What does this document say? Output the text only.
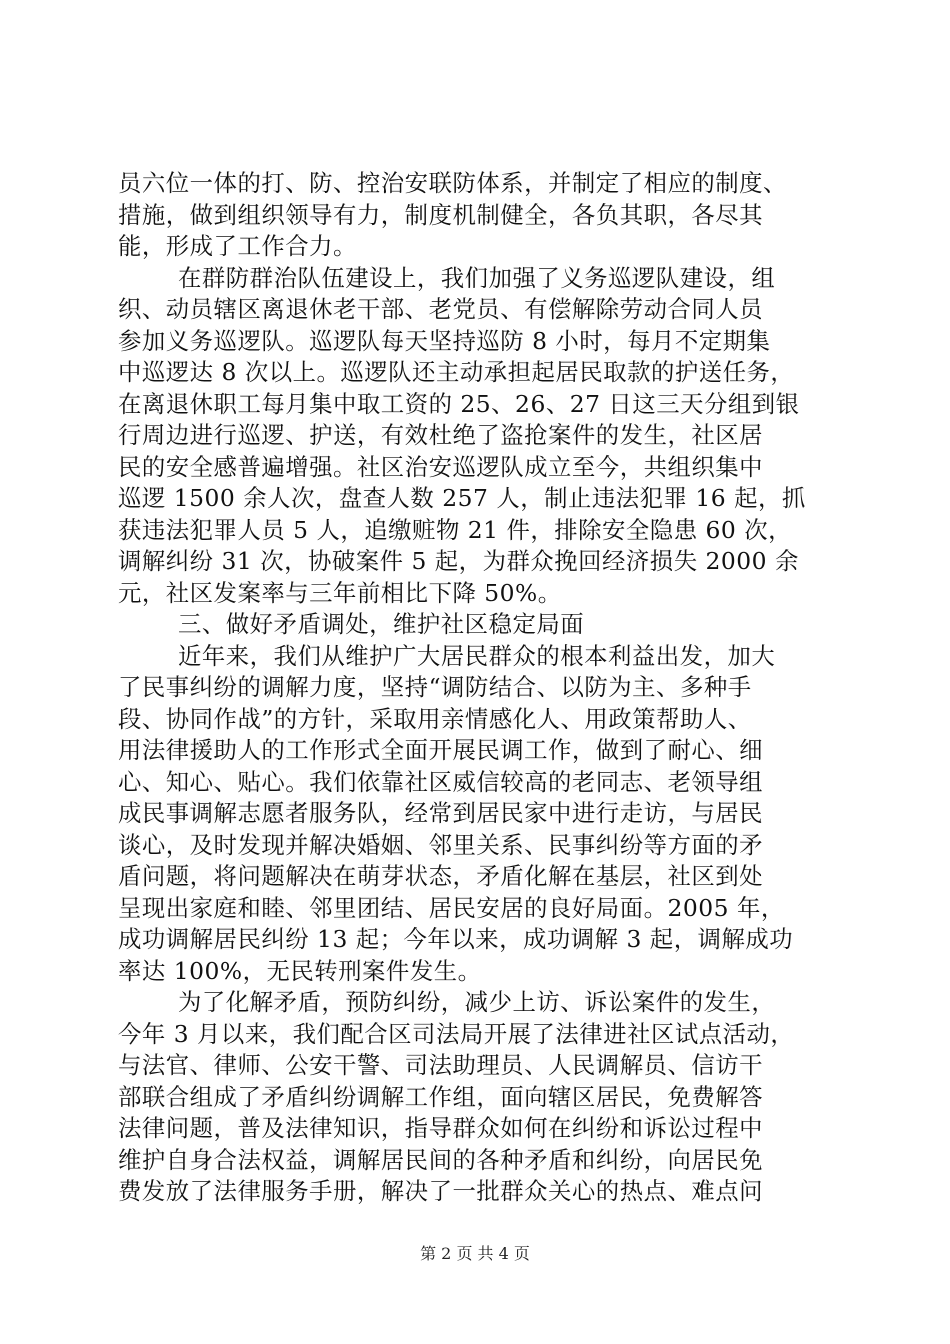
员六位一体的打、防、控治安联防体系，并制定了相应的制度、
措施，做到组织领导有力，制度机制健全，各负其职，各尽其
能，形成了工作合力。
在群防群治队伍建设上，我们加强了义务巡逻队建设，组
织、动员辖区离退休老干部、老党员、有偿解除劳动合同人员
参加义务巡逻队。巡逻队每天坚持巡防 8 小时，每月不定期集
中巡逻达 8 次以上。巡逻队还主动承担起居民取款的护送任务，
在离退休职工每月集中取工资的 25、26、27 日这三天分组到银
行周边进行巡逻、护送，有效杜绝了盗抢案件的发生，社区居
民的安全感普遍增强。社区治安巡逻队成立至今，共组织集中
巡逻 1500 余人次，盘查人数 257 人，制止违法犯罪 16 起，抓
获违法犯罪人员 5 人，追缴赃物 21 件，排除安全隐患 60 次，
调解纠纷 31 次，协破案件 5 起，为群众挽回经济损失 2000 余
元，社区发案率与三年前相比下降 50%。
三、做好矛盾调处，维护社区稳定局面
近年来，我们从维护广大居民群众的根本利益出发，加大
了民事纠纷的调解力度，坚持“调防结合、以防为主、多种手
段、协同作战”的方针，采取用亲情感化人、用政策帮助人、
用法律援助人的工作形式全面开展民调工作，做到了耐心、细
心、知心、贴心。我们依靠社区威信较高的老同志、老领导组
成民事调解志愿者服务队，经常到居民家中进行走访，与居民
谈心，及时发现并解决婚姻、邻里关系、民事纠纷等方面的矛
盾问题，将问题解决在萌芽状态，矛盾化解在基层，社区到处
呈现出家庭和睦、邻里团结、居民安居的良好局面。2005 年，
成功调解居民纠纷 13 起；今年以来，成功调解 3 起，调解成功
率达 100%，无民转刑案件发生。
为了化解矛盾，预防纠纷，减少上访、诉讼案件的发生，
今年 3 月以来，我们配合区司法局开展了法律进社区试点活动，
与法官、律师、公安干警、司法助理员、人民调解员、信访干
部联合组成了矛盾纠纷调解工作组，面向辖区居民，免费解答
法律问题，普及法律知识，指导群众如何在纠纷和诉讼过程中
维护自身合法权益，调解居民间的各种矛盾和纠纷，向居民免
费发放了法律服务手册，解决了一批群众关心的热点、难点问
第 2 页 共 4 页
